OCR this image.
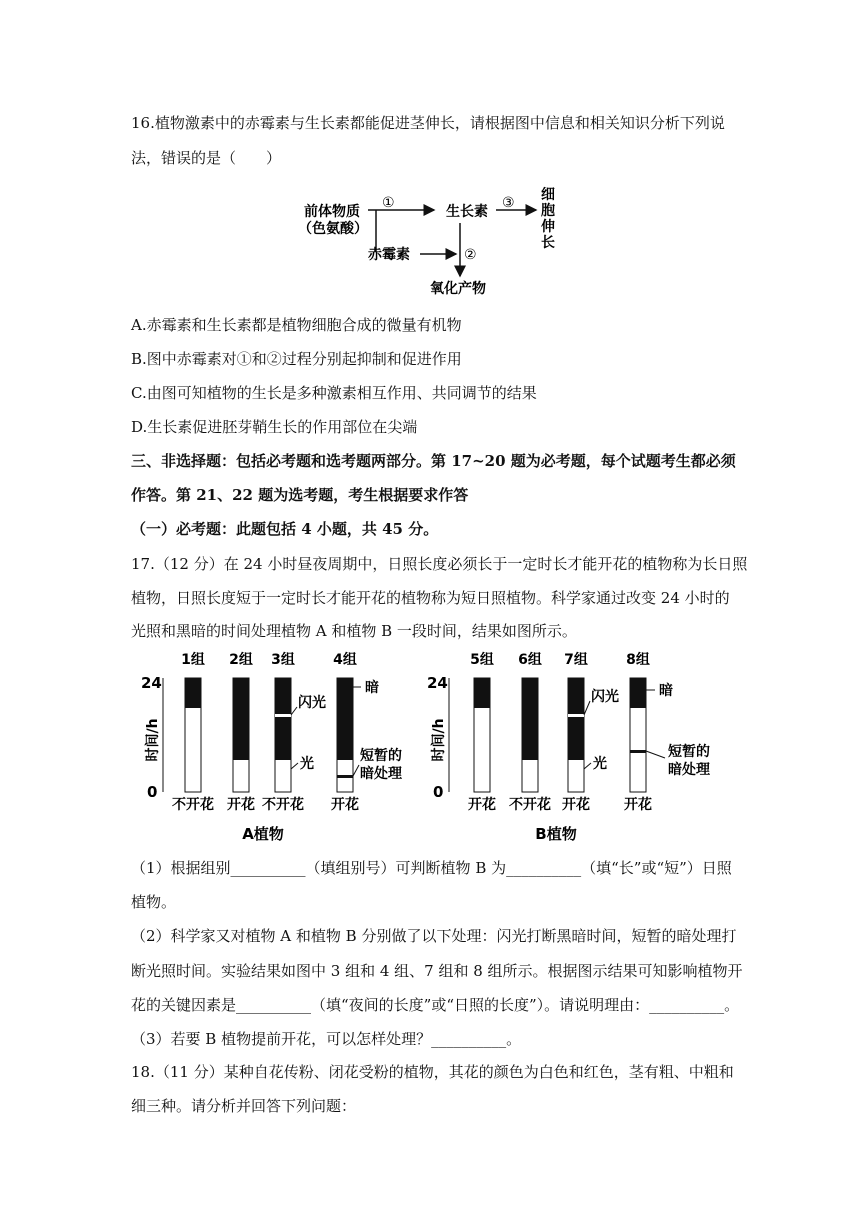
16.植物激素中的赤霉素与生长素都能促进茎伸长，请根据图中信息和相关知识分析下列说
法，错误的是（　　）
前体物质
（色氨酸）
①
生长素
③ 细
胞
伸
长
赤霉素	②
氧化产物
A.赤霉素和生长素都是植物细胞合成的微量有机物
B.图中赤霉素对①和②过程分别起抑制和促进作用
C.由图可知植物的生长是多种激素相互作用、共同调节的结果
D.生长素促进胚芽鞘生长的作用部位在尖端
三、非选择题：包括必考题和选考题两部分。第 17~20 题为必考题，每个试题考生都必须
作答。第 21、22 题为选考题，考生根据要求作答
（一）必考题：此题包括 4 小题，共 45 分。
17.（12 分）在 24 小时昼夜周期中，日照长度必须长于一定时长才能开花的植物称为长日照
植物，日照长度短于一定时长才能开花的植物称为短日照植物。科学家通过改变 24 小时的
光照和黑暗的时间处理植物 A 和植物 B 一段时间，结果如图所示。
24
0
时间/h
1组 2组 3组	4组
闪光
光
暗
短暂的
暗处理
不开花 开花 不开花 开花
A植物
24
0
时间/h
5组 6组 7组	8组
闪光
光
暗
短暂的
暗处理
开花 不开花 开花 开花
B植物
（1）根据组别__________（填组别号）可判断植物 B 为__________（填“长”或“短”）日照
植物。
（2）科学家又对植物 A 和植物 B 分别做了以下处理：闪光打断黑暗时间，短暂的暗处理打
断光照时间。实验结果如图中 3 组和 4 组、7 组和 8 组所示。根据图示结果可知影响植物开
花的关键因素是__________（填“夜间的长度”或“日照的长度”）。请说明理由：__________。
（3）若要 B 植物提前开花，可以怎样处理？__________。
18.（11 分）某种自花传粉、闭花受粉的植物，其花的颜色为白色和红色，茎有粗、中粗和
细三种。请分析并回答下列问题：
